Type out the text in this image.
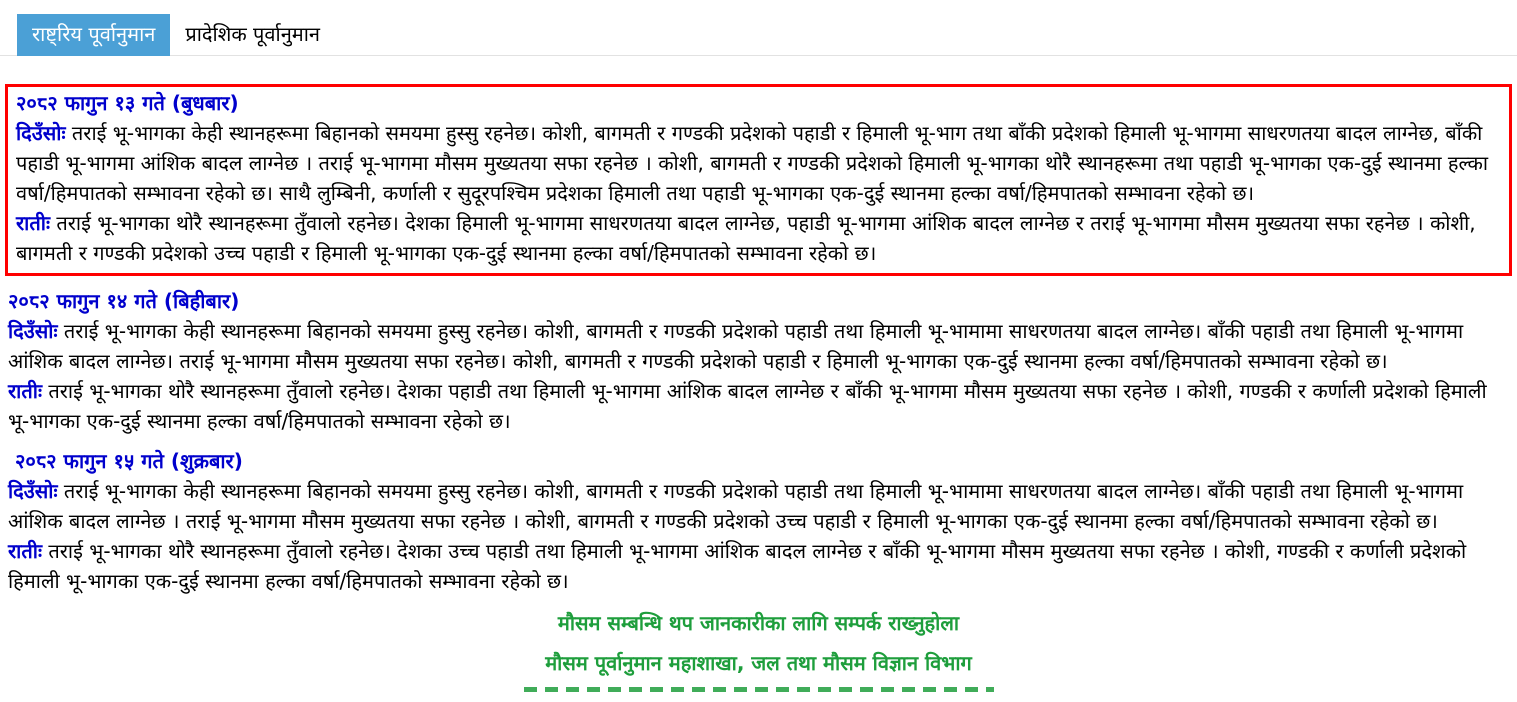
राष्ट्रिय पूर्वानुमान	प्रादेशिक पूर्वानुमान
२०८२ फागुन १३ गते (बुधबार)

दिउँसोः तराई भू-भागका केही स्थानहरूमा बिहानको समयमा हुस्सु रहनेछ। कोशी, बागमती र गण्डकी प्रदेशको पहाडी र हिमाली भू-भाग तथा बाँकी प्रदेशको हिमाली भू-भागमा साधरणतया बादल लाग्नेछ, बाँकी पहाडी भू-भागमा आंशिक बादल लाग्नेछ । तराई भू-भागमा मौसम मुख्यतया सफा रहनेछ । कोशी, बागमती र गण्डकी प्रदेशको हिमाली भू-भागका थोरै स्थानहरूमा तथा पहाडी भू-भागका एक-दुई स्थानमा हल्का वर्षा/हिमपातको सम्भावना रहेको छ। साथै लुम्बिनी, कर्णाली र सुदूरपश्चिम प्रदेशका हिमाली तथा पहाडी भू-भागका एक-दुई स्थानमा हल्का वर्षा/हिमपातको सम्भावना रहेको छ।

रातीः तराई भू-भागका थोरै स्थानहरूमा तुँवालो रहनेछ। देशका हिमाली भू-भागमा साधरणतया बादल लाग्नेछ, पहाडी भू-भागमा आंशिक बादल लाग्नेछ र तराई भू-भागमा मौसम मुख्यतया सफा रहनेछ । कोशी, बागमती र गण्डकी प्रदेशको उच्च पहाडी र हिमाली भू-भागका एक-दुई स्थानमा हल्का वर्षा/हिमपातको सम्भावना रहेको छ।

२०८२ फागुन १४ गते (बिहीबार)

दिउँसोः तराई भू-भागका केही स्थानहरूमा बिहानको समयमा हुस्सु रहनेछ। कोशी, बागमती र गण्डकी प्रदेशको पहाडी तथा हिमाली भू-भामामा साधरणतया बादल लाग्नेछ। बाँकी पहाडी तथा हिमाली भू-भागमा आंशिक बादल लाग्नेछ। तराई भू-भागमा मौसम मुख्यतया सफा रहनेछ। कोशी, बागमती र गण्डकी प्रदेशको पहाडी र हिमाली भू-भागका एक-दुई स्थानमा हल्का वर्षा/हिमपातको सम्भावना रहेको छ।

रातीः तराई भू-भागका थोरै स्थानहरूमा तुँवालो रहनेछ। देशका पहाडी तथा हिमाली भू-भागमा आंशिक बादल लाग्नेछ र बाँकी भू-भागमा मौसम मुख्यतया सफा रहनेछ । कोशी, गण्डकी र कर्णाली प्रदेशको हिमाली भू-भागका एक-दुई स्थानमा हल्का वर्षा/हिमपातको सम्भावना रहेको छ।

२०८२ फागुन १५ गते (शुक्रबार)

दिउँसोः तराई भू-भागका केही स्थानहरूमा बिहानको समयमा हुस्सु रहनेछ। कोशी, बागमती र गण्डकी प्रदेशको पहाडी तथा हिमाली भू-भामामा साधरणतया बादल लाग्नेछ। बाँकी पहाडी तथा हिमाली भू-भागमा आंशिक बादल लाग्नेछ । तराई भू-भागमा मौसम मुख्यतया सफा रहनेछ । कोशी, बागमती र गण्डकी प्रदेशको उच्च पहाडी र हिमाली भू-भागका एक-दुई स्थानमा हल्का वर्षा/हिमपातको सम्भावना रहेको छ।

रातीः तराई भू-भागका थोरै स्थानहरूमा तुँवालो रहनेछ। देशका उच्च पहाडी तथा हिमाली भू-भागमा आंशिक बादल लाग्नेछ र बाँकी भू-भागमा मौसम मुख्यतया सफा रहनेछ । कोशी, गण्डकी र कर्णाली प्रदेशको हिमाली भू-भागका एक-दुई स्थानमा हल्का वर्षा/हिमपातको सम्भावना रहेको छ।

मौसम सम्बन्धि थप जानकारीका लागि सम्पर्क राख्नुहोला

मौसम पूर्वानुमान महाशाखा, जल तथा मौसम विज्ञान विभाग
